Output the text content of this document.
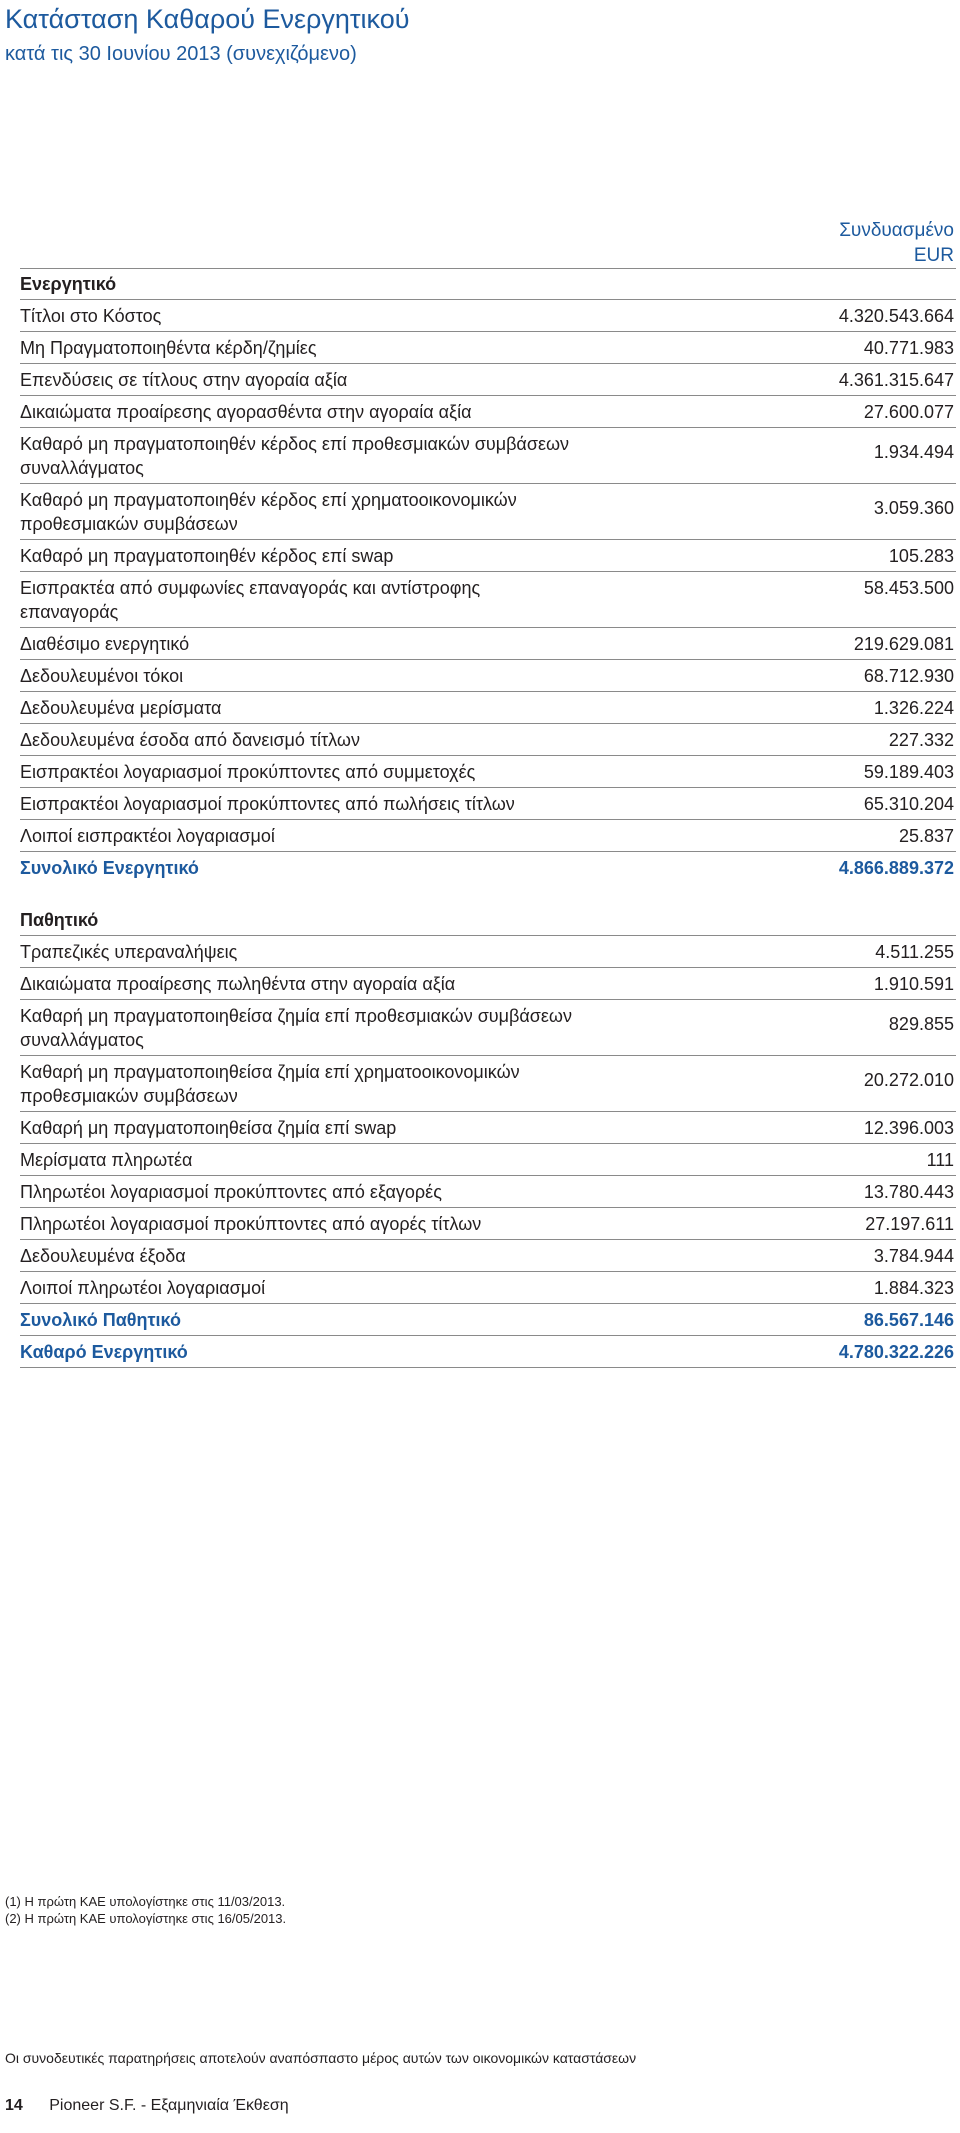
Κατάσταση Καθαρού Ενεργητικού
κατά τις 30 Ιουνίου 2013 (συνεχιζόμενο)
Συνδυασμένο
EUR
Ενεργητικό
Τίτλοι στο Κόστος	4.320.543.664
Μη Πραγματοποιηθέντα κέρδη/ζημίες	40.771.983
Επενδύσεις σε τίτλους στην αγοραία αξία	4.361.315.647
Δικαιώματα προαίρεσης αγορασθέντα στην αγοραία αξία	27.600.077
Καθαρό μη πραγματοποιηθέν κέρδος επί προθεσμιακών συμβάσεων συναλλάγματος
1.934.494
Καθαρό μη πραγματοποιηθέν κέρδος επί χρηματοοικονομικών προθεσμιακών συμβάσεων
3.059.360
Καθαρό μη πραγματοποιηθέν κέρδος επί swap	105.283
Εισπρακτέα από συμφωνίες επαναγοράς και αντίστροφης επαναγοράς
58.453.500
Διαθέσιμο ενεργητικό	219.629.081
Δεδουλευμένοι τόκοι	68.712.930
Δεδουλευμένα μερίσματα	1.326.224
Δεδουλευμένα έσοδα από δανεισμό τίτλων	227.332
Εισπρακτέοι λογαριασμοί προκύπτοντες από συμμετοχές	59.189.403
Εισπρακτέοι λογαριασμοί προκύπτοντες από πωλήσεις τίτλων	65.310.204
Λοιποί εισπρακτέοι λογαριασμοί	25.837
Συνολικό Ενεργητικό	4.866.889.372
Παθητικό
Τραπεζικές υπεραναλήψεις	4.511.255
Δικαιώματα προαίρεσης πωληθέντα στην αγοραία αξία	1.910.591
Καθαρή μη πραγματοποιηθείσα ζημία επί προθεσμιακών συμβάσεων συναλλάγματος
829.855
Καθαρή μη πραγματοποιηθείσα ζημία επί χρηματοοικονομικών προθεσμιακών συμβάσεων
20.272.010
Καθαρή μη πραγματοποιηθείσα ζημία επί swap	12.396.003
Μερίσματα πληρωτέα	111
Πληρωτέοι λογαριασμοί προκύπτοντες από εξαγορές	13.780.443
Πληρωτέοι λογαριασμοί προκύπτοντες από αγορές τίτλων	27.197.611
Δεδουλευμένα έξοδα	3.784.944
Λοιποί πληρωτέοι λογαριασμοί	1.884.323
Συνολικό Παθητικό	86.567.146
Καθαρό Ενεργητικό	4.780.322.226
(1) Η πρώτη ΚΑΕ υπολογίστηκε στις 11/03/2013.
(2) Η πρώτη ΚΑΕ υπολογίστηκε στις 16/05/2013.
Οι συνοδευτικές παρατηρήσεις αποτελούν αναπόσπαστο μέρος αυτών των οικονομικών καταστάσεων
14 Pioneer S.F. - Εξαμηνιαία Έκθεση
